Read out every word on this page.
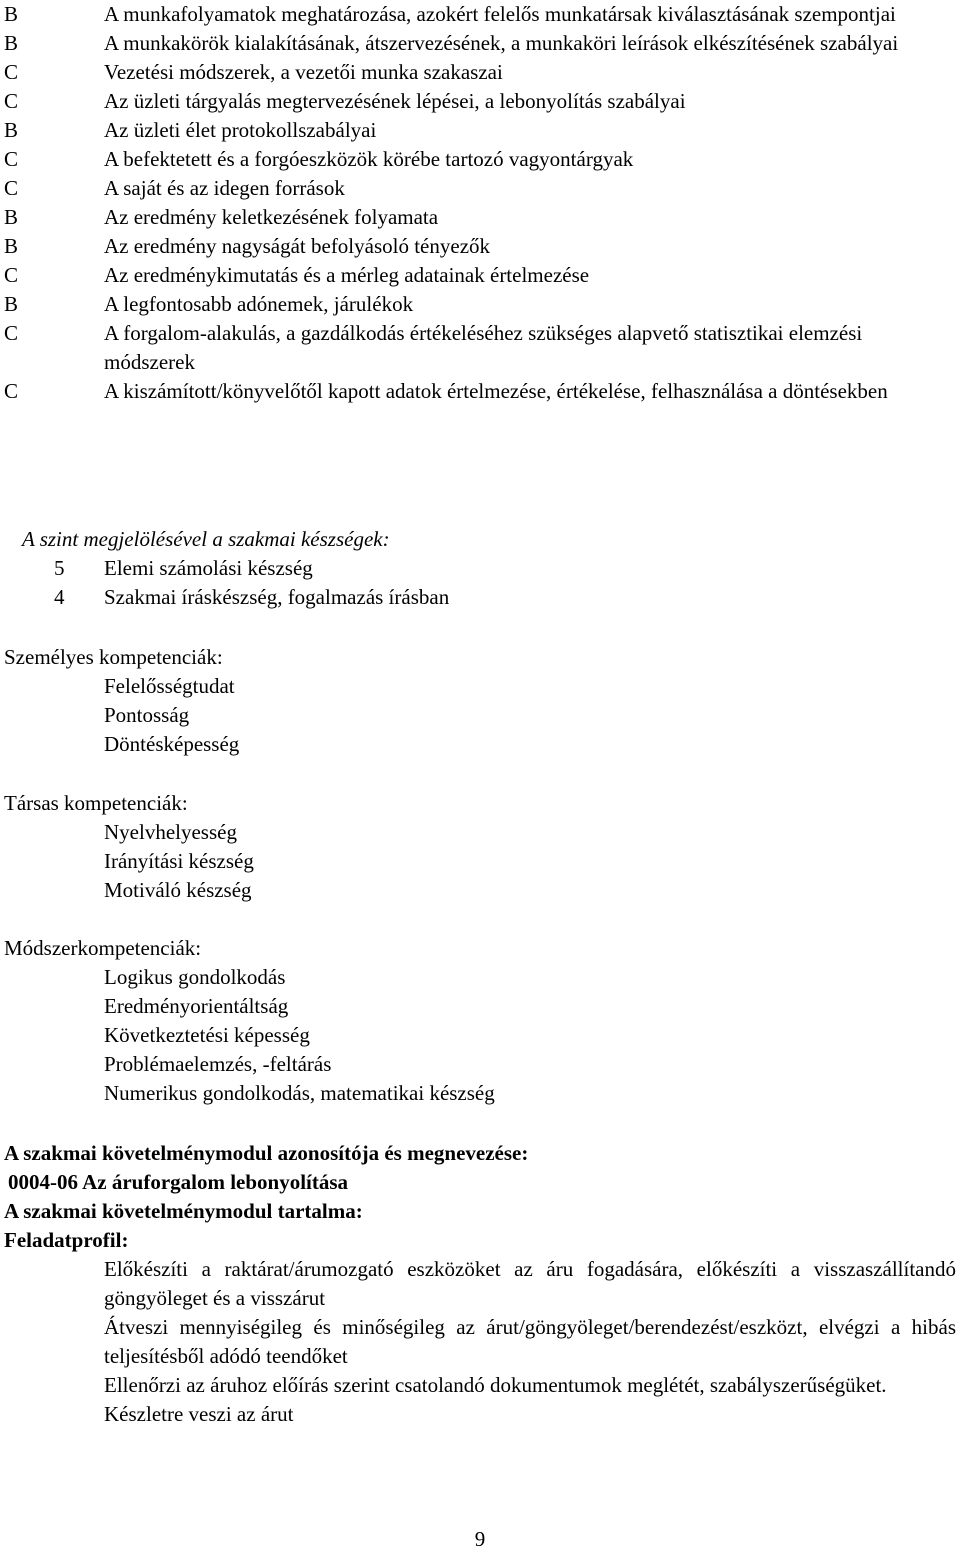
B	A munkafolyamatok meghatározása, azokért felelős munkatársak kiválasztásának szempontjai
B	A munkakörök kialakításának, átszervezésének, a munkaköri leírások elkészítésének szabályai
C	Vezetési módszerek, a vezetői munka szakaszai
C	Az üzleti tárgyalás megtervezésének lépései, a lebonyolítás szabályai
B	Az üzleti élet protokollszabályai
C	A befektetett és a forgóeszközök körébe tartozó vagyontárgyak
C	A saját és az idegen források
B	Az eredmény keletkezésének folyamata
B	Az eredmény nagyságát befolyásoló tényezők
C	Az eredménykimutatás és a mérleg adatainak értelmezése
B	A legfontosabb adónemek, járulékok
C	A forgalom-alakulás, a gazdálkodás értékeléséhez szükséges alapvető statisztikai elemzési módszerek
C	A kiszámított/könyvelőtől kapott adatok értelmezése, értékelése, felhasználása a döntésekben
A szint megjelölésével a szakmai készségek:
5	Elemi számolási készség
4	Szakmai íráskészség, fogalmazás írásban
Személyes kompetenciák:
Felelősségtudat
Pontosság
Döntésképesség
Társas kompetenciák:
Nyelvhelyesség
Irányítási készség
Motiváló készség
Módszerkompetenciák:
Logikus gondolkodás
Eredményorientáltság
Következtetési képesség
Problémaelemzés, -feltárás
Numerikus gondolkodás, matematikai készség
A szakmai követelménymodul azonosítója és megnevezése:
0004-06 Az áruforgalom lebonyolítása
A szakmai követelménymodul tartalma:
Feladatprofil:
Előkészíti a raktárat/árumozgató eszközöket az áru fogadására, előkészíti a visszaszállítandó göngyöleget és a visszárut
Átveszi mennyiségileg és minőségileg az árut/göngyöleget/berendezést/eszközt, elvégzi a hibás teljesítésből adódó teendőket
Ellenőrzi az áruhoz előírás szerint csatolandó dokumentumok meglétét, szabályszerűségüket.
Készletre veszi az árut
9
